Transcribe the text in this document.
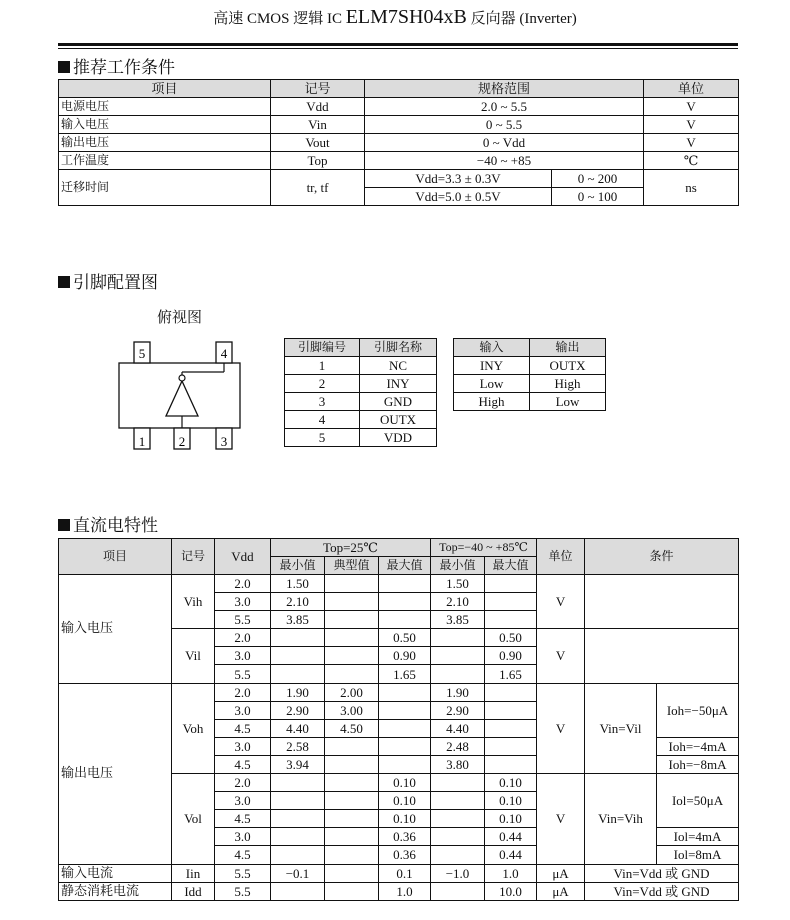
高速 CMOS 逻辑 IC ELM7SH04xB 反向器 (Inverter)
推荐工作条件
项目	记号	规格范围		单位
电源电压	Vdd	2.0 ~ 5.5		V
输入电压	Vin	0 ~ 5.5		V
输出电压	Vout	0 ~ Vdd		V
工作温度	Top	−40 ~ +85		℃
迁移时间	tr, tf	Vdd=3.3 ± 0.3V	0 ~ 200	ns
		Vdd=5.0 ± 0.5V	0 ~ 100	
引脚配置图
俯视图
5	4
1	2	3
引脚编号	引脚名称
1	NC
2	INY
3	GND
4	OUTX
5	VDD
输入	输出
INY	OUTX
Low	High
High	Low
直流电特性
项目	记号	Vdd	Top=25℃			Top=−40 ~ +85℃		单位	条件	
			最小值	典型值	最大值	最小值	最大值			
输入电压	Vih	2.0	1.50			1.50		V		
		3.0	2.10			2.10				
		5.5	3.85			3.85				
	Vil	2.0			0.50		0.50	V		
		3.0			0.90		0.90			
		5.5			1.65		1.65			
输出电压	Voh	2.0	1.90	2.00		1.90		V	Vin=Vil	Ioh=−50μA
		3.0	2.90	3.00		2.90				
		4.5	4.40	4.50		4.40				
		3.0	2.58			2.48				Ioh=−4mA
		4.5	3.94			3.80				Ioh=−8mA
	Vol	2.0			0.10		0.10	V	Vin=Vih	Iol=50μA
		3.0			0.10		0.10			
		4.5			0.10		0.10			
		3.0			0.36		0.44			Iol=4mA
		4.5			0.36		0.44			Iol=8mA
输入电流	Iin	5.5	−0.1		0.1	−1.0	1.0	μA	Vin=Vdd 或 GND	
静态消耗电流	Idd	5.5			1.0		10.0	μA	Vin=Vdd 或 GND	
